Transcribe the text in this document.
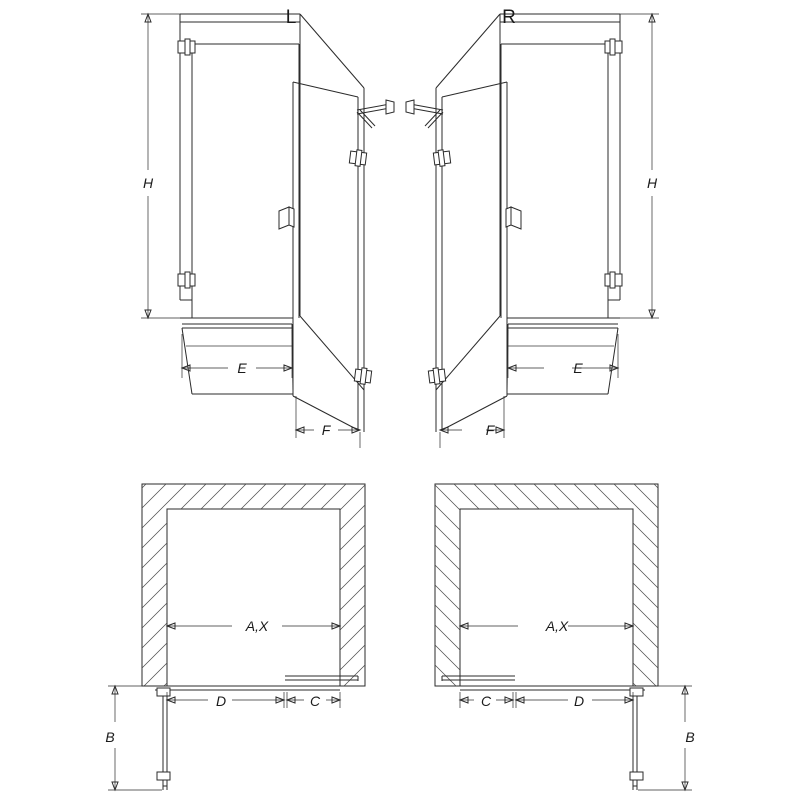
L	R
H	H
E
F
E
F
A,X	A,X
D	C
B
D
C
B
